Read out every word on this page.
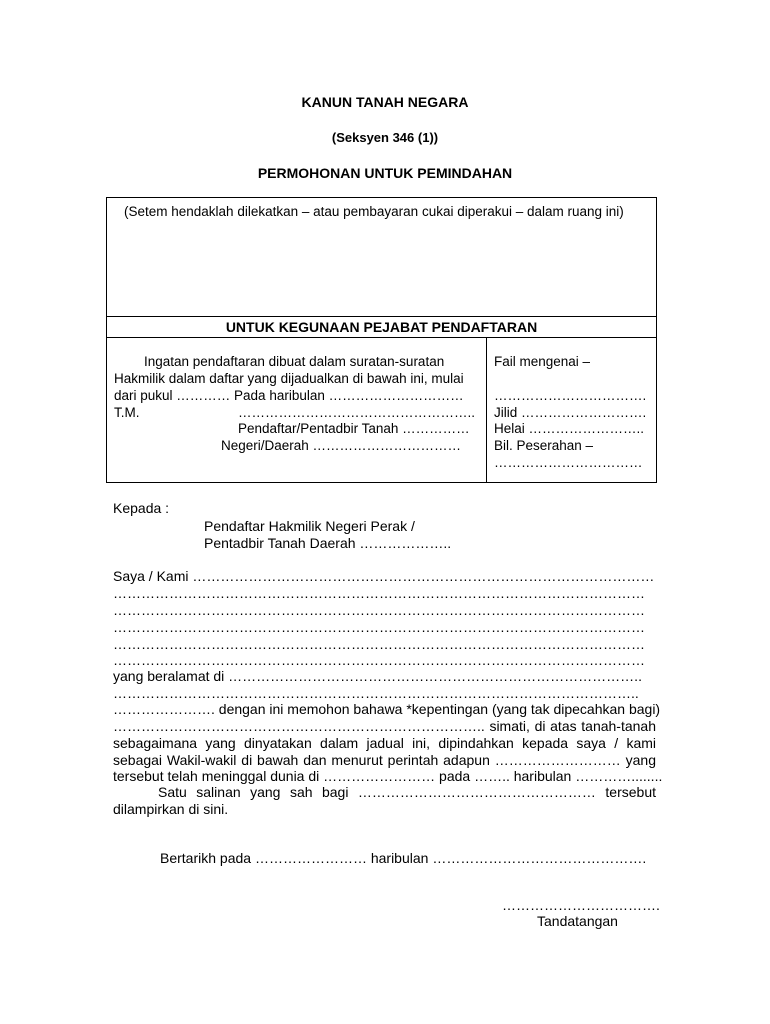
KANUN TANAH NEGARA
(Seksyen 346 (1))
PERMOHONAN UNTUK PEMINDAHAN
(Setem hendaklah dilekatkan – atau pembayaran cukai diperakui – dalam ruang ini)
UNTUK KEGUNAAN PEJABAT PENDAFTARAN
Ingatan pendaftaran dibuat dalam suratan-suratan
Hakmilik dalam daftar yang dijadualkan di bawah ini, mulai
dari pukul ………… Pada haribulan …………………………
T.M.	……………………………………………..
Pendaftar/Pentadbir Tanah ……………
Negeri/Daerah ……………………………
Fail mengenai –
…………………………….
Jilid ……………………….
Helai ……………………..
Bil. Peserahan –
……………………………
Kepada :
Pendaftar Hakmilik Negeri Perak /
Pentadbir Tanah Daerah ………………..
Saya / Kami ………………………………………………………………………………………
……………………………………………………………………………………………………
……………………………………………………………………………………………………
……………………………………………………………………………………………………
……………………………………………………………………………………………………
……………………………………………………………………………………………………
yang beralamat di ……………………………………………………………………………..
…………………………………………………………………………………………………..
…………………. dengan ini memohon bahawa *kepentingan (yang tak dipecahkan bagi)
…………………………………………………………………….. simati, di atas tanah-tanah
sebagaimana yang dinyatakan dalam jadual ini, dipindahkan kepada saya / kami
sebagai Wakil-wakil di bawah dan menurut perintah adapun ……………………… yang
tersebut telah meninggal dunia di …………………… pada …….. haribulan …………........
Satu salinan yang sah bagi …………………………………………… tersebut
dilampirkan di sini.
Bertarikh pada …………………… haribulan ……………………………………….
…………………………….
Tandatangan
